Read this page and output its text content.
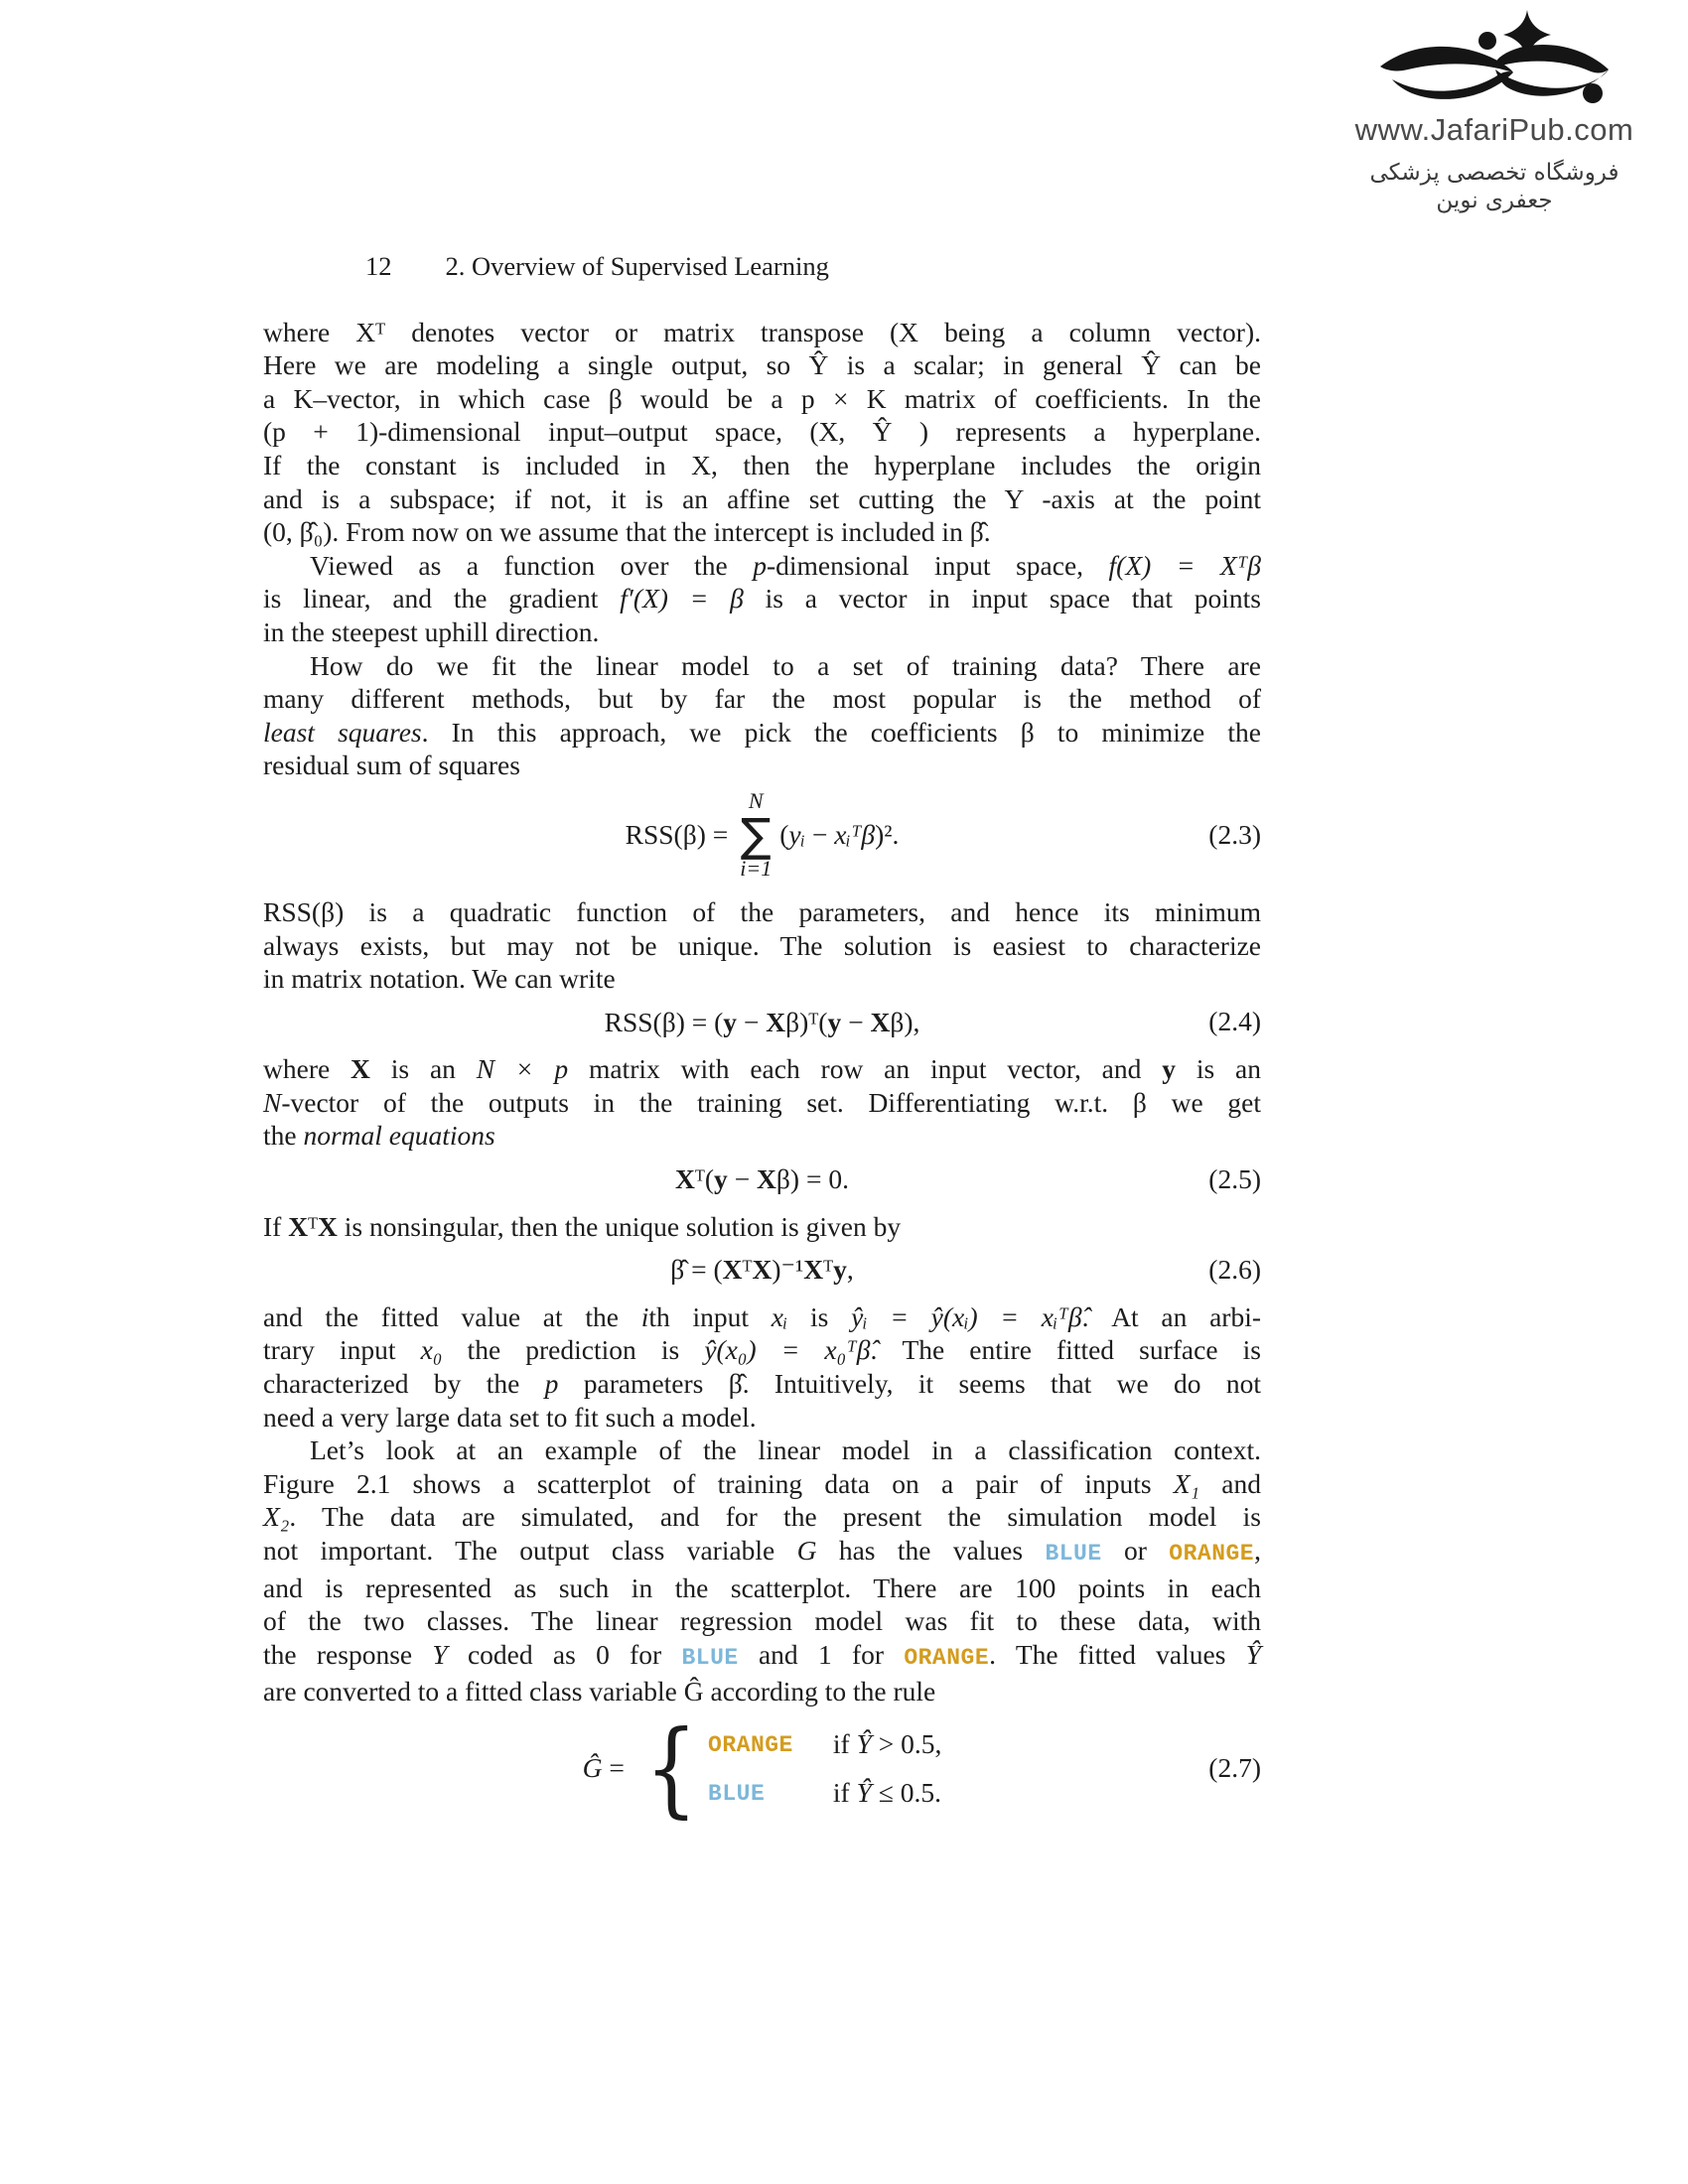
www.JafariPub.com
فروشگاه تخصصی پزشکی جعفری نوین
12 2. Overview of Supervised Learning
where Xᵀ denotes vector or matrix transpose (X being a column vector).
Here we are modeling a single output, so Ŷ is a scalar; in general Ŷ can be
a K–vector, in which case β would be a p × K matrix of coefficients. In the
(p + 1)-dimensional input–output space, (X, Ŷ ) represents a hyperplane.
If the constant is included in X, then the hyperplane includes the origin
and is a subspace; if not, it is an affine set cutting the Y -axis at the point
(0, β̂₀). From now on we assume that the intercept is included in β̂.
Viewed as a function over the p-dimensional input space, f(X) = Xᵀβ
is linear, and the gradient f′(X) = β is a vector in input space that points
in the steepest uphill direction.
How do we fit the linear model to a set of training data? There are
many different methods, but by far the most popular is the method of
least squares. In this approach, we pick the coefficients β to minimize the
residual sum of squares
RSS(β) =
N
∑
i=1
(yᵢ − xᵢᵀβ)².	(2.3)
RSS(β) is a quadratic function of the parameters, and hence its minimum
always exists, but may not be unique. The solution is easiest to characterize
in matrix notation. We can write
RSS(β) = (y − Xβ)ᵀ(y − Xβ),	(2.4)
where X is an N × p matrix with each row an input vector, and y is an
N-vector of the outputs in the training set. Differentiating w.r.t. β we get
the normal equations
Xᵀ(y − Xβ) = 0.	(2.5)
If XᵀX is nonsingular, then the unique solution is given by
β̂ = (XᵀX)⁻¹Xᵀy,	(2.6)
and the fitted value at the ith input xᵢ is ŷᵢ = ŷ(xᵢ) = xᵢᵀβ̂. At an arbi-
trary input x₀ the prediction is ŷ(x₀) = x₀ᵀβ̂. The entire fitted surface is
characterized by the p parameters β̂. Intuitively, it seems that we do not
need a very large data set to fit such a model.
Let’s look at an example of the linear model in a classification context.
Figure 2.1 shows a scatterplot of training data on a pair of inputs X₁ and
X₂. The data are simulated, and for the present the simulation model is
not important. The output class variable G has the values BLUE or ORANGE,
and is represented as such in the scatterplot. There are 100 points in each
of the two classes. The linear regression model was fit to these data, with
the response Y coded as 0 for BLUE and 1 for ORANGE. The fitted values Ŷ
are converted to a fitted class variable Ĝ according to the rule
Ĝ = { ORANGE if Ŷ > 0.5,
BLUE	if Ŷ ≤ 0.5.
(2.7)
